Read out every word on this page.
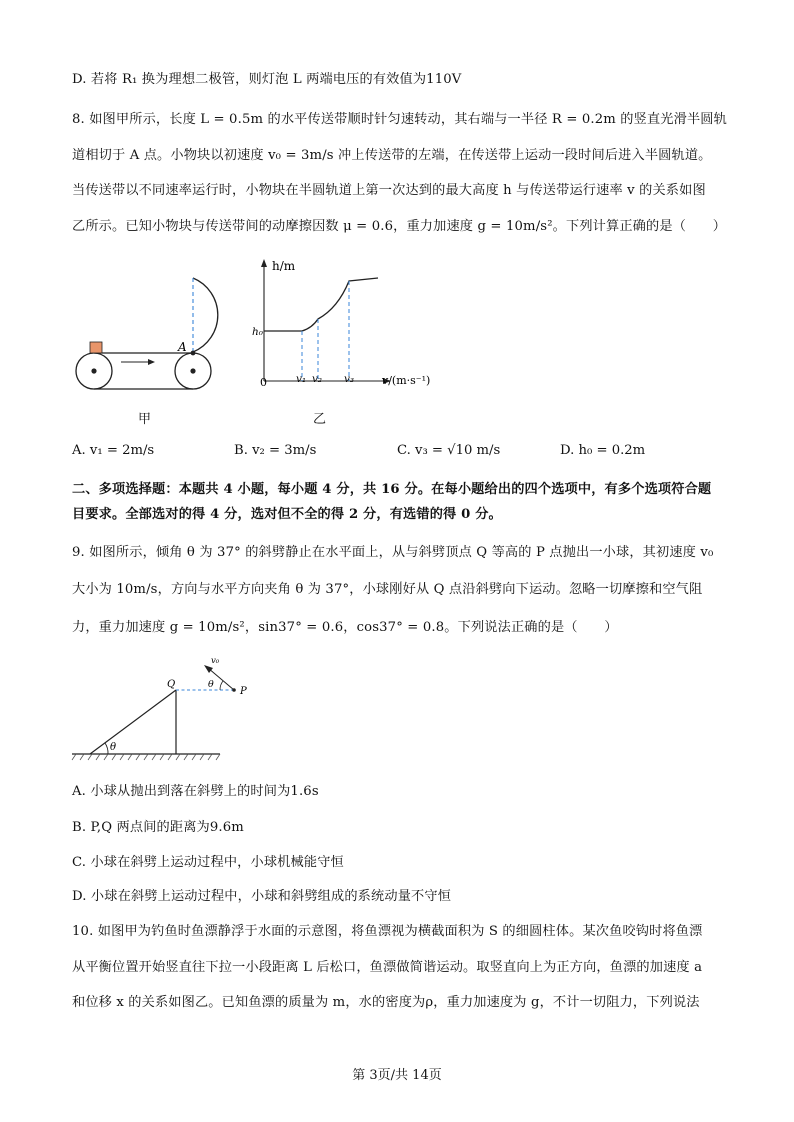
D. 若将 R₁ 换为理想二极管，则灯泡 L 两端电压的有效值为110V
8. 如图甲所示，长度 L = 0.5m 的水平传送带顺时针匀速转动，其右端与一半径 R = 0.2m 的竖直光滑半圆轨
道相切于 A 点。小物块以初速度 v₀ = 3m/s 冲上传送带的左端，在传送带上运动一段时间后进入半圆轨道。
当传送带以不同速率运行时，小物块在半圆轨道上第一次达到的最大高度 h 与传送带运行速率 v 的关系如图
乙所示。已知小物块与传送带间的动摩擦因数 μ = 0.6，重力加速度 g = 10m/s²。下列计算正确的是（　　）
A
甲
h/m
h₀
0	v₁ v₂ v₃	v/(m·s⁻¹)
乙
A. v₁ = 2m/s	B. v₂ = 3m/s	C. v₃ = √10 m/s	D. h₀ = 0.2m
二、多项选择题：本题共 4 小题，每小题 4 分，共 16 分。在每小题给出的四个选项中，有多个选项符合题
目要求。全部选对的得 4 分，选对但不全的得 2 分，有选错的得 0 分。
9. 如图所示，倾角 θ 为 37° 的斜劈静止在水平面上，从与斜劈顶点 Q 等高的 P 点抛出一小球，其初速度 v₀
大小为 10m/s，方向与水平方向夹角 θ 为 37°，小球刚好从 Q 点沿斜劈向下运动。忽略一切摩擦和空气阻
力，重力加速度 g = 10m/s²，sin37° = 0.6，cos37° = 0.8。下列说法正确的是（　　）
θ
θ
v₀
Q
P
A. 小球从抛出到落在斜劈上的时间为1.6s
B. P,Q 两点间的距离为9.6m
C. 小球在斜劈上运动过程中，小球机械能守恒
D. 小球在斜劈上运动过程中，小球和斜劈组成的系统动量不守恒
10. 如图甲为钓鱼时鱼漂静浮于水面的示意图，将鱼漂视为横截面积为 S 的细圆柱体。某次鱼咬钩时将鱼漂
从平衡位置开始竖直往下拉一小段距离 L 后松口，鱼漂做简谐运动。取竖直向上为正方向，鱼漂的加速度 a
和位移 x 的关系如图乙。已知鱼漂的质量为 m，水的密度为ρ，重力加速度为 g，不计一切阻力，下列说法
第 3页/共 14页
